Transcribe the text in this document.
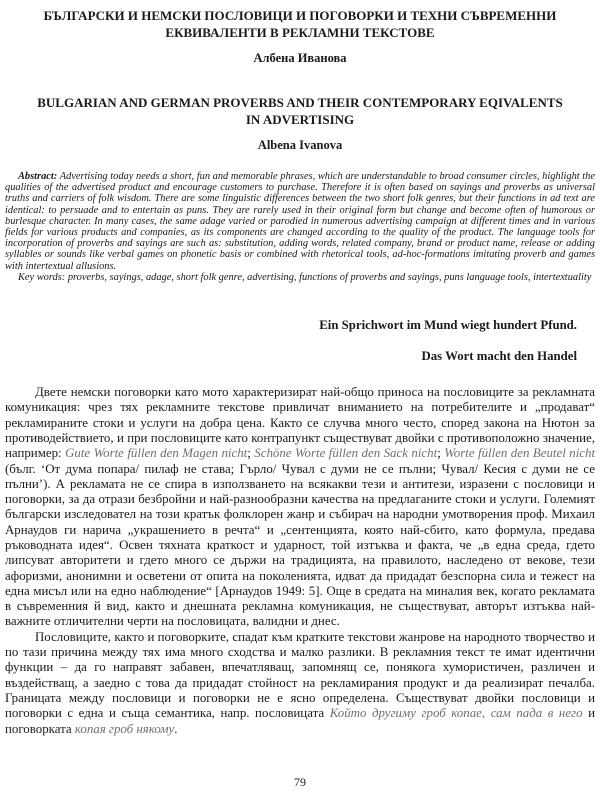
БЪЛГАРСКИ И НЕМСКИ ПОСЛОВИЦИ И ПОГОВОРКИ И ТЕХНИ СЪВРЕМЕННИ
ЕКВИВАЛЕНТИ В РЕКЛАМНИ ТЕКСТОВЕ
Албена Иванова
BULGARIAN AND GERMAN PROVERBS AND THEIR CONTEMPORARY EQIVALENTS
IN ADVERTISING
Albena Ivanova

Abstract: Advertising today needs a short, fun and memorable phrases, which are understandable to broad consumer circles, highlight the qualities of the advertised product and encourage customers to purchase. Therefore it is often based on sayings and proverbs as universal truths and carriers of folk wisdom. There are some linguistic differences between the two short folk genres, but their functions in ad text are identical: to persuade and to entertain as puns. They are rarely used in their original form but change and become often of humorous or burlesque character. In many cases, the same adage varied or parodied in numerous advertising campaign at different times and in various fields for various products and companies, as its components are changed according to the quality of the product. The language tools for incorporation of proverbs and sayings are such as: substitution, adding words, related company, brand or product name, release or adding syllables or sounds like verbal games on phonetic basis or combined with rhetorical tools, ad-hoc-formations imitating proverb and games with intertextual allusions.

Key words: proverbs, sayings, adage, short folk genre, advertising, functions of proverbs and sayings, puns language tools, intertextuality

Ein Sprichwort im Mund wiegt hundert Pfund.
Das Wort macht den Handel

Двете немски поговорки като мото характеризират най-общо приноса на пословиците за рекламната комуникация: чрез тях рекламните текстове привличат вниманието на потребителите и „продават“ рекламираните стоки и услуги на добра цена. Както се случва много често, според закона на Нютон за противодействието, и при пословиците като контрапункт съществуват двойки с противоположно значение, например: Gute Worte füllen den Magen nicht; Schöne Worte füllen den Sack nicht; Worte füllen den Beutel nicht (бълг. ‘От дума попара/ пилаф не става; Гърло/ Чувал с думи не се пълни; Чувал/ Кесия с думи не се пълни’). А рекламата не се спира в използването на всякакви тези и антитези, изразени с пословици и поговорки, за да отрази безбройни и най-разнообразни качества на предлаганите стоки и услуги. Големият български изследовател на този кратък фолклорен жанр и събирач на народни умотворения проф. Михаил Арнаудов ги нарича „украшението в речта“ и „сентенцията, която най-сбито, като формула, предава ръководната идея“. Освен тяхната краткост и ударност, той изтъква и факта, че „в една среда, гдето липсуват авторитети и гдето много се държи на традицията, на правилото, наследено от векове, тези афоризми, анонимни и осветени от опита на поколенията, идват да придадат безспорна сила и тежест на една мисъл или на едно наблюдение“ [Арнаудов 1949: 5]. Още в средата на миналия век, когато рекламата в съвременния й вид, както и днешната рекламна комуникация, не съществуват, авторът изтъква най-важните отличителни черти на пословицата, валидни и днес.

Пословиците, както и поговорките, спадат към кратките текстови жанрове на народното творчество и по тази причина между тях има много сходства и малко разлики. В рекламния текст те имат идентични функции – да го направят забавен, впечатляващ, запомнящ се, понякога хумористичен, различен и въздействащ, а заедно с това да придадат стойност на рекламирания продукт и да реализират печалба. Границата между пословици и поговорки не е ясно определена. Съществуват двойки пословици и поговорки с една и съща семантика, напр. пословицата Който другиму гроб копае, сам пада в него и поговорката копая гроб някому.

79
